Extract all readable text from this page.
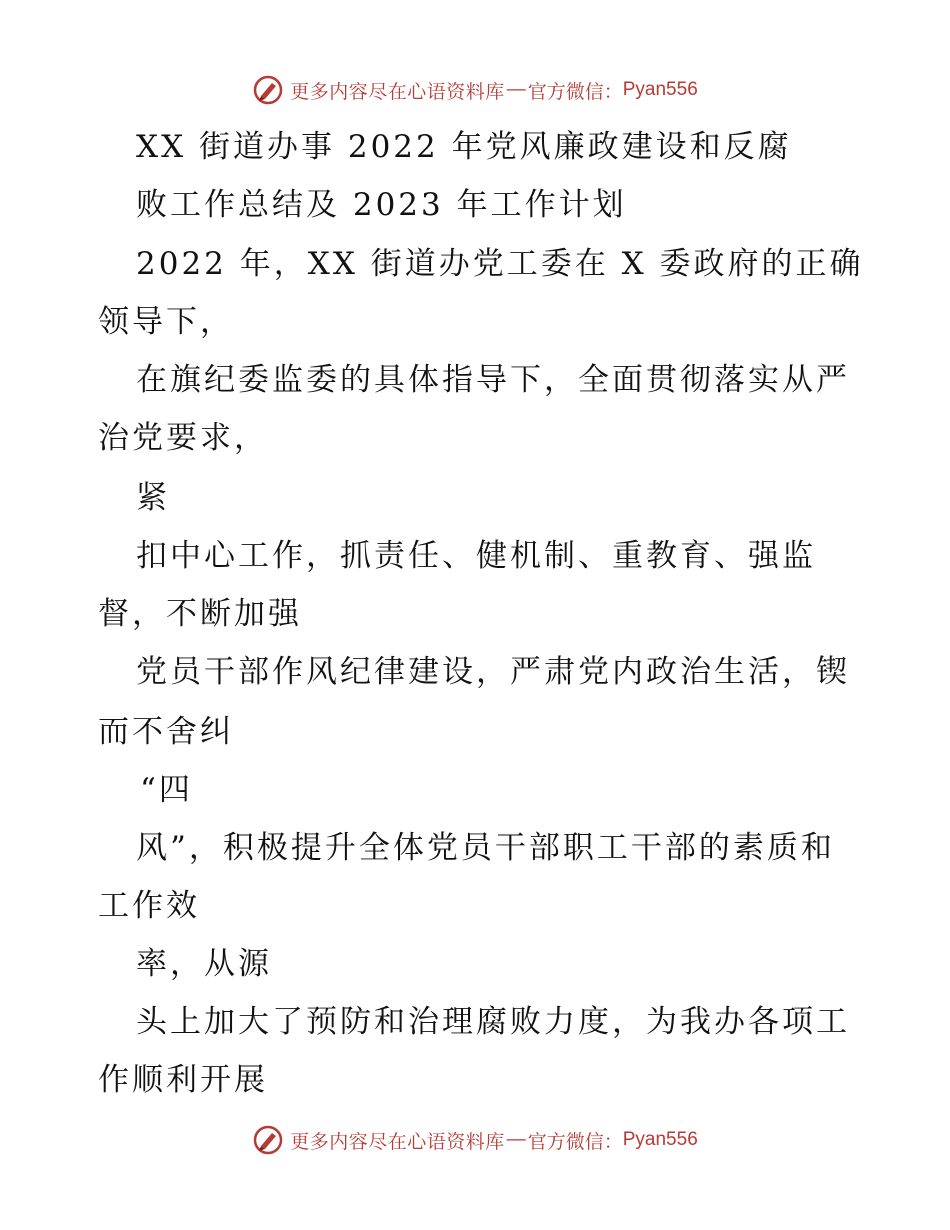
更多内容尽在心语资料库 — 官方微信： Pyan556
XX 街道办事 2022 年党风廉政建设和反腐
败工作总结及 2023 年工作计划
2022 年，XX 街道办党工委在 X 委政府的正确
领导下，
在旗纪委监委的具体指导下，全面贯彻落实从严
治党要求，
紧
扣中心工作，抓责任、健机制、重教育、强监
督，不断加强
党员干部作风纪律建设，严肃党内政治生活，锲
而不舍纠
“四
风”，积极提升全体党员干部职工干部的素质和
工作效
率，从源
头上加大了预防和治理腐败力度，为我办各项工
作顺利开展
更多内容尽在心语资料库 — 官方微信： Pyan556
